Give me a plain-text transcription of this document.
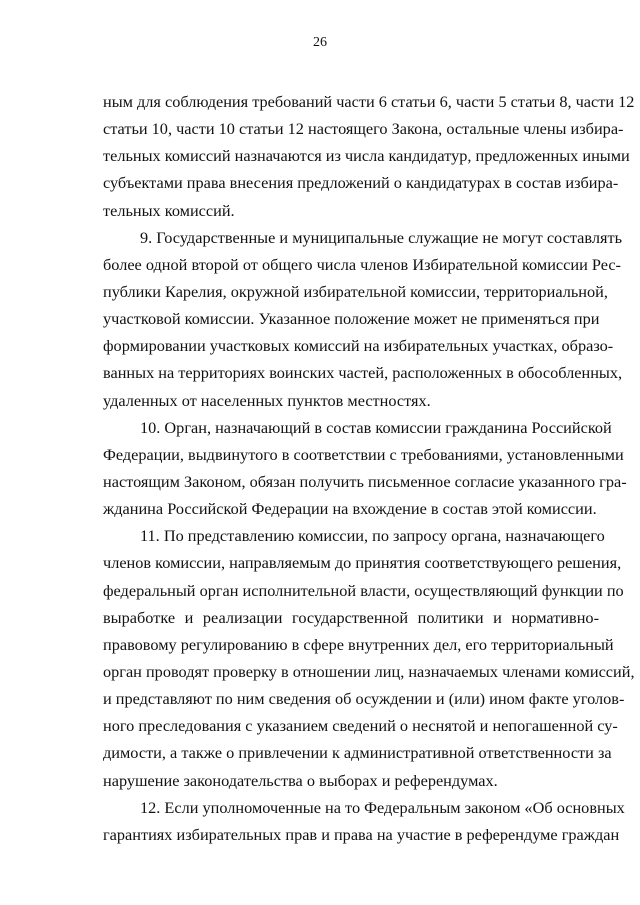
26
ным для соблюдения требований части 6 статьи 6, части 5 статьи 8, части 12
статьи 10, части 10 статьи 12 настоящего Закона, остальные члены избира-
тельных комиссий назначаются из числа кандидатур, предложенных иными
субъектами права внесения предложений о кандидатурах в состав избира-
тельных комиссий.
9. Государственные и муниципальные служащие не могут составлять
более одной второй от общего числа членов Избирательной комиссии Рес-
публики Карелия, окружной избирательной комиссии, территориальной,
участковой комиссии. Указанное положение может не применяться при
формировании участковых комиссий на избирательных участках, образо-
ванных на территориях воинских частей, расположенных в обособленных,
удаленных от населенных пунктов местностях.
10. Орган, назначающий в состав комиссии гражданина Российской
Федерации, выдвинутого в соответствии с требованиями, установленными
настоящим Законом, обязан получить письменное согласие указанного гра-
жданина Российской Федерации на вхождение в состав этой комиссии.
11. По представлению комиссии, по запросу органа, назначающего
членов комиссии, направляемым до принятия соответствующего решения,
федеральный орган исполнительной власти, осуществляющий функции по
выработке и реализации государственной политики и нормативно-
правовому регулированию в сфере внутренних дел, его территориальный
орган проводят проверку в отношении лиц, назначаемых членами комиссий,
и представляют по ним сведения об осуждении и (или) ином факте уголов-
ного преследования с указанием сведений о неснятой и непогашенной су-
димости, а также о привлечении к административной ответственности за
нарушение законодательства о выборах и референдумах.
12. Если уполномоченные на то Федеральным законом «Об основных
гарантиях избирательных прав и права на участие в референдуме граждан
